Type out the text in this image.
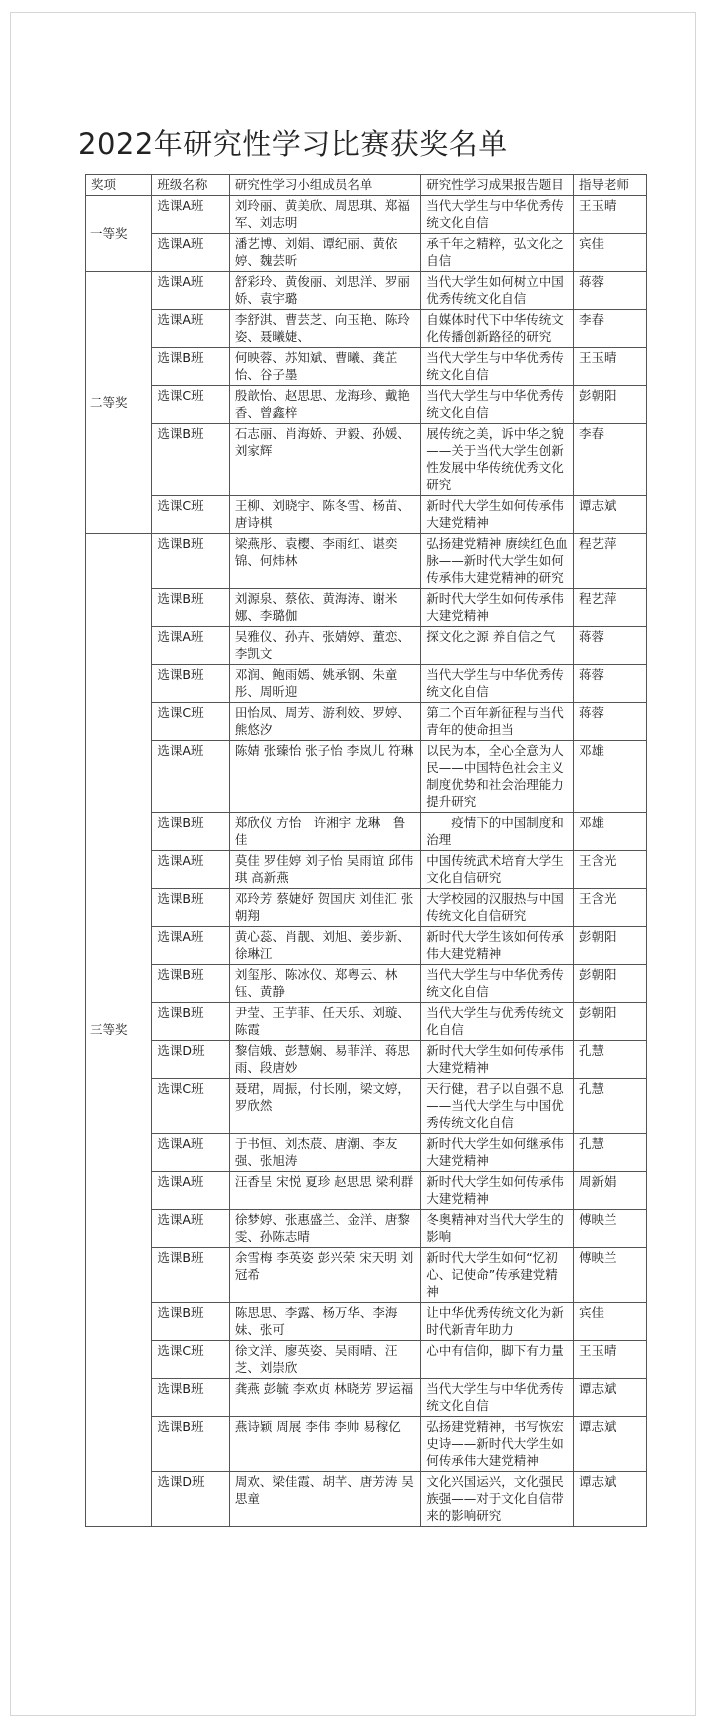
2022年研究性学习比赛获奖名单
奖项	班级名称	研究性学习小组成员名单	研究性学习成果报告题目	指导老师
一等奖	选课A班	刘玲丽、黄美欣、周思琪、郑福军、刘志明	当代大学生与中华优秀传统文化自信	王玉晴
	选课A班	潘艺博、刘娟、谭纪丽、黄依婷、魏芸昕	承千年之精粹，弘文化之自信	宾佳
二等奖	选课A班	舒彩玲、黄俊丽、刘思洋、罗丽娇、袁宇璐	当代大学生如何树立中国优秀传统文化自信	蒋蓉
	选课A班	李舒淇、曹芸芝、向玉艳、陈玲姿、聂曦婕、	自媒体时代下中华传统文化传播创新路径的研究	李春
	选课B班	何映蓉、苏知斌、曹曦、龚芷怡、谷子墨	当代大学生与中华优秀传统文化自信	王玉晴
	选课C班	殷歆怡、赵思思、龙海珍、戴艳香、曾鑫梓	当代大学生与中华优秀传统文化自信	彭朝阳
	选课B班	石志丽、肖海娇、尹毅、孙媛、刘家辉	展传统之美，诉中华之貌——关于当代大学生创新性发展中华传统优秀文化研究	李春
	选课C班	王柳、刘晓宇、陈冬雪、杨苗、唐诗棋	新时代大学生如何传承伟大建党精神	谭志斌
三等奖	选课B班	梁燕彤、袁樱、李雨红、谌奕锦、何炜林	弘扬建党精神 赓续红色血脉——新时代大学生如何传承伟大建党精神的研究	程艺萍
	选课B班	刘源泉、蔡依、黄海涛、谢米娜、李璐伽	新时代大学生如何传承伟大建党精神	程艺萍
	选课A班	吴雅仪、孙卉、张婧婷、董恋、李凯文	探文化之源 养自信之气	蒋蓉
	选课B班	邓润、鲍雨嫣、姚承钢、朱童彤、周昕迎	当代大学生与中华优秀传统文化自信	蒋蓉
	选课C班	田怡凤、周芳、游利姣、罗婷、熊悠汐	第二个百年新征程与当代青年的使命担当	蒋蓉
	选课A班	陈婧 张臻怡 张子怡 李岚儿 符琳	以民为本，全心全意为人民——中国特色社会主义制度优势和社会治理能力提升研究	邓雄
	选课B班	郑欣仪 方怡　许湘宇 龙琳　鲁佳	　　疫情下的中国制度和治理	邓雄
	选课A班	莫佳 罗佳婷 刘子怡 吴雨谊 邱伟琪 高新燕	中国传统武术培育大学生文化自信研究	王含光
	选课B班	邓玲芳 蔡婕妤 贺国庆 刘佳汇 张朝翔	大学校园的汉服热与中国传统文化自信研究	王含光
	选课A班	黄心蕊、肖靓、刘旭、姜步新、徐琳江	新时代大学生该如何传承伟大建党精神	彭朝阳
	选课B班	刘玺彤、陈冰仪、郑粤云、林钰、黄静	当代大学生与中华优秀传统文化自信	彭朝阳
	选课B班	尹莹、王芋菲、任天乐、刘璇、陈霞	当代大学生与优秀传统文化自信	彭朝阳
	选课D班	黎信娥、彭慧娴、易菲洋、蒋思雨、段唐妙	新时代大学生如何传承伟大建党精神	孔慧
	选课C班	聂珺，周振，付长刚，梁文婷，罗欣然	天行健，君子以自强不息——当代大学生与中国优秀传统文化自信	孔慧
	选课A班	于书恒、刘杰莀、唐潮、李友强、张旭涛	新时代大学生如何继承伟大建党精神	孔慧
	选课A班	汪香呈 宋悦 夏珍 赵思思 梁利群	新时代大学生如何传承伟大建党精神	周新娟
	选课A班	徐梦婷、张惠盛兰、金洋、唐黎雯、孙陈志晴	冬奥精神对当代大学生的影响	傅映兰
	选课B班	余雪梅 李英姿 彭兴荣 宋天明 刘冠希	新时代大学生如何“忆初心、记使命”传承建党精神	傅映兰
	选课B班	陈思思、李露、杨万华、李海妹、张可	让中华优秀传统文化为新时代新青年助力	宾佳
	选课C班	徐文洋、廖英姿、吴雨晴、汪芝、刘崇欣	心中有信仰，脚下有力量	王玉晴
	选课B班	龚燕 彭毓 李欢贞 林晓芳 罗运福	当代大学生与中华优秀传统文化自信	谭志斌
	选课B班	燕诗颖 周展 李伟 李帅 易稼亿	弘扬建党精神，书写恢宏史诗——新时代大学生如何传承伟大建党精神	谭志斌
	选课D班	周欢、梁佳霞、胡芊、唐芳涛 吴思童	文化兴国运兴，文化强民族强——对于文化自信带来的影响研究	谭志斌
